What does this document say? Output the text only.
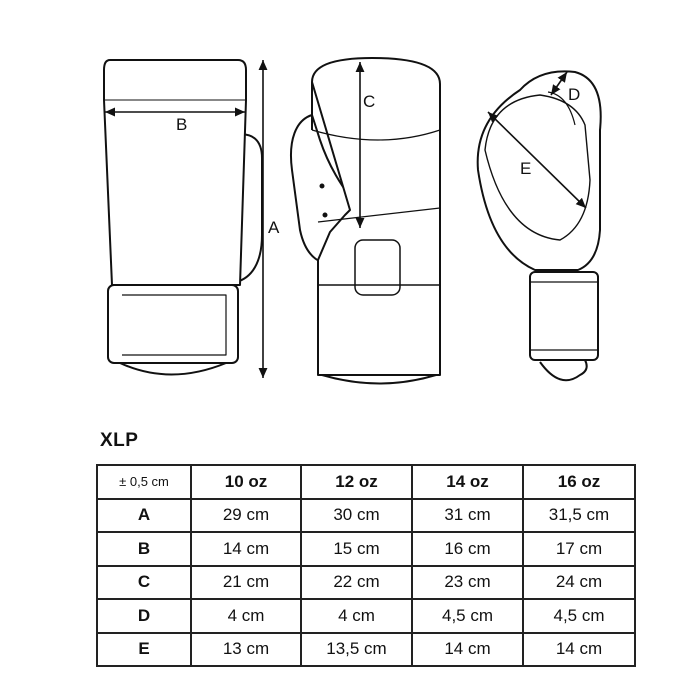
A
B
C	D
E
XLP
± 0,5 cm	10 oz	12 oz	14 oz	16 oz
A	29 cm	30 cm	31 cm	31,5 cm
B	14 cm	15 cm	16 cm	17 cm
C	21 cm	22 cm	23 cm	24 cm
D	4 cm	4 cm	4,5 cm	4,5 cm
E	13 cm	13,5 cm	14 cm	14 cm
